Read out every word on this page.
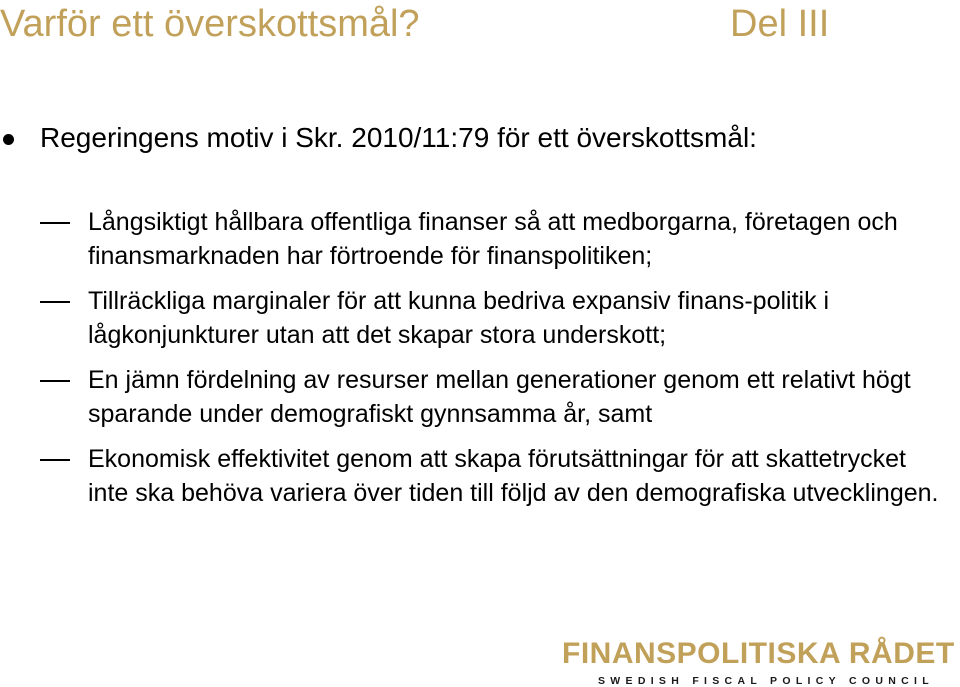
Varför ett överskottsmål?	Del III
Regeringens motiv i Skr. 2010/11:79 för ett överskottsmål:
Långsiktigt hållbara offentliga finanser så att medborgarna, företagen och finansmarknaden har förtroende för finanspolitiken;
Tillräckliga marginaler för att kunna bedriva expansiv finans-politik i lågkonjunkturer utan att det skapar stora underskott;
En jämn fördelning av resurser mellan generationer genom ett relativt högt sparande under demografiskt gynnsamma år, samt
Ekonomisk effektivitet genom att skapa förutsättningar för att skattetrycket inte ska behöva variera över tiden till följd av den demografiska utvecklingen.
FINANSPOLITISKA RÅDET
SWEDISH FISCAL POLICY COUNCIL
